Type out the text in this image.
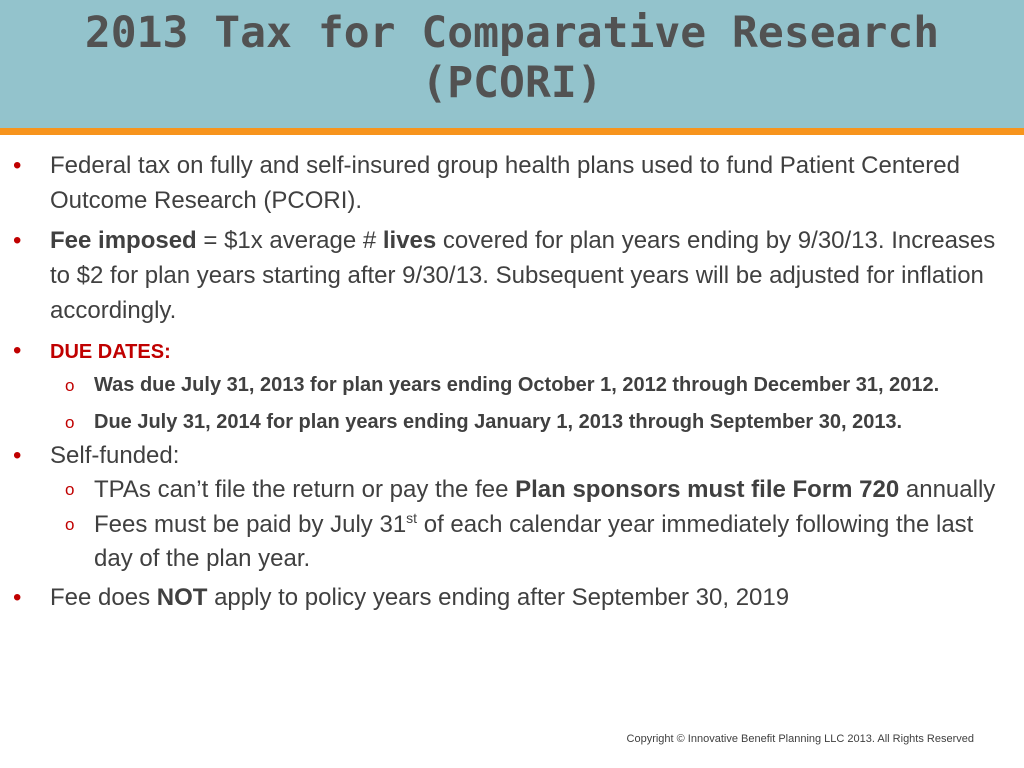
2013 Tax for Comparative Research
(PCORI)
• Federal tax on fully and self-insured group health plans used to fund Patient Centered Outcome Research (PCORI).
• Fee imposed = $1x average # lives covered for plan years ending by 9/30/13. Increases to $2 for plan years starting after 9/30/13. Subsequent years will be adjusted for inflation accordingly.
• DUE DATES:
o Was due July 31, 2013 for plan years ending October 1, 2012 through December 31, 2012.
o Due July 31, 2014 for plan years ending January 1, 2013 through September 30, 2013.
• Self-funded:
o TPAs can’t file the return or pay the fee Plan sponsors must file Form 720 annually
o Fees must be paid by July 31st of each calendar year immediately following the last day of the plan year.
• Fee does NOT apply to policy years ending after September 30, 2019
Copyright © Innovative Benefit Planning LLC 2013. All Rights Reserved
